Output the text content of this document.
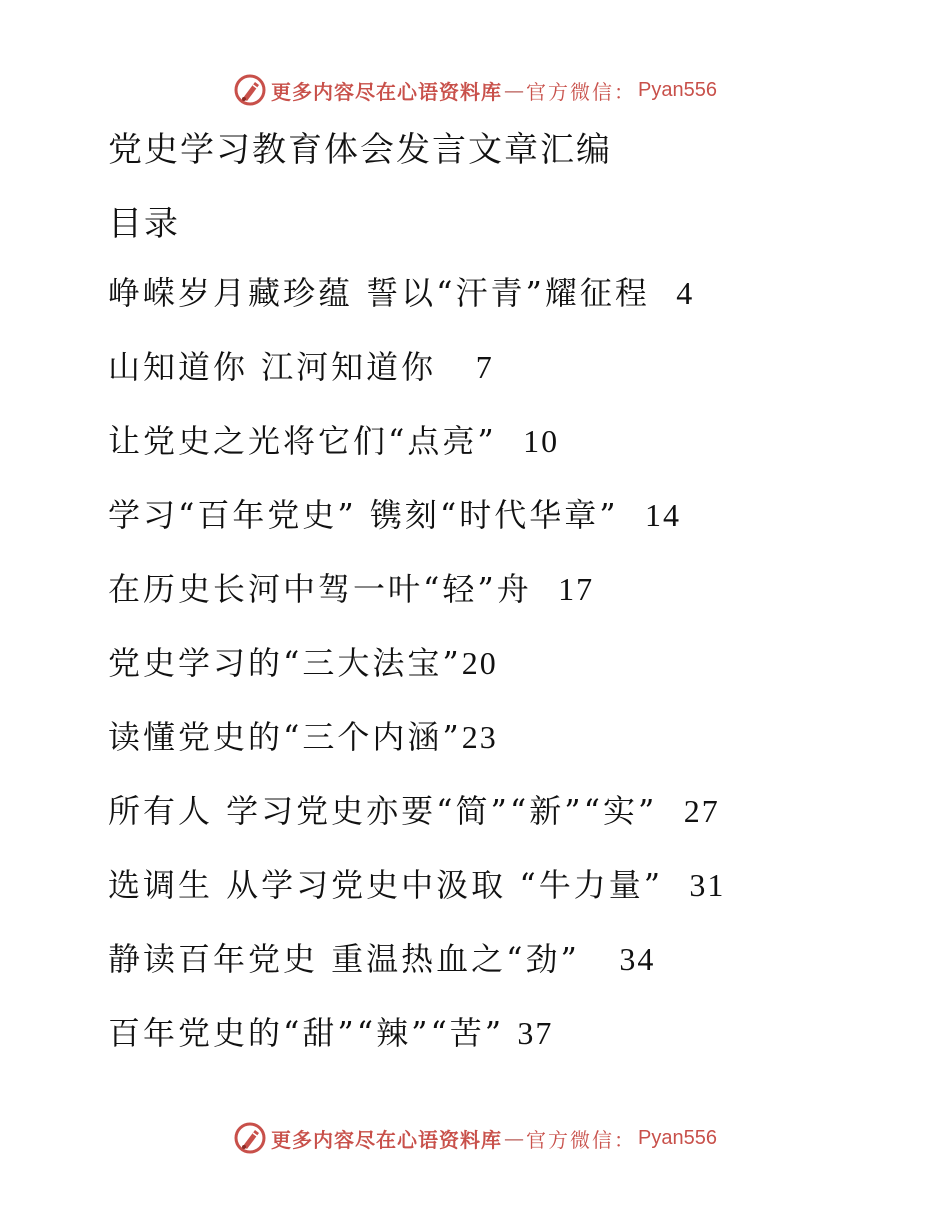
更多内容尽在心语资料库 — 官方微信： Pyan556
党史学习教育体会发言文章汇编
目录
峥嵘岁月藏珍蕴 誓以“汗青”耀征程 4
山知道你 江河知道你 7
让党史之光将它们“点亮” 10
学习“百年党史” 镌刻“时代华章” 14
在历史长河中驾一叶“轻”舟 17
党史学习的“三大法宝”20
读懂党史的“三个内涵”23
所有人 学习党史亦要“简”“新”“实” 27
选调生 从学习党史中汲取 “牛力量” 31
静读百年党史 重温热血之“劲” 34
百年党史的“甜”“辣”“苦” 37
更多内容尽在心语资料库 — 官方微信： Pyan556
